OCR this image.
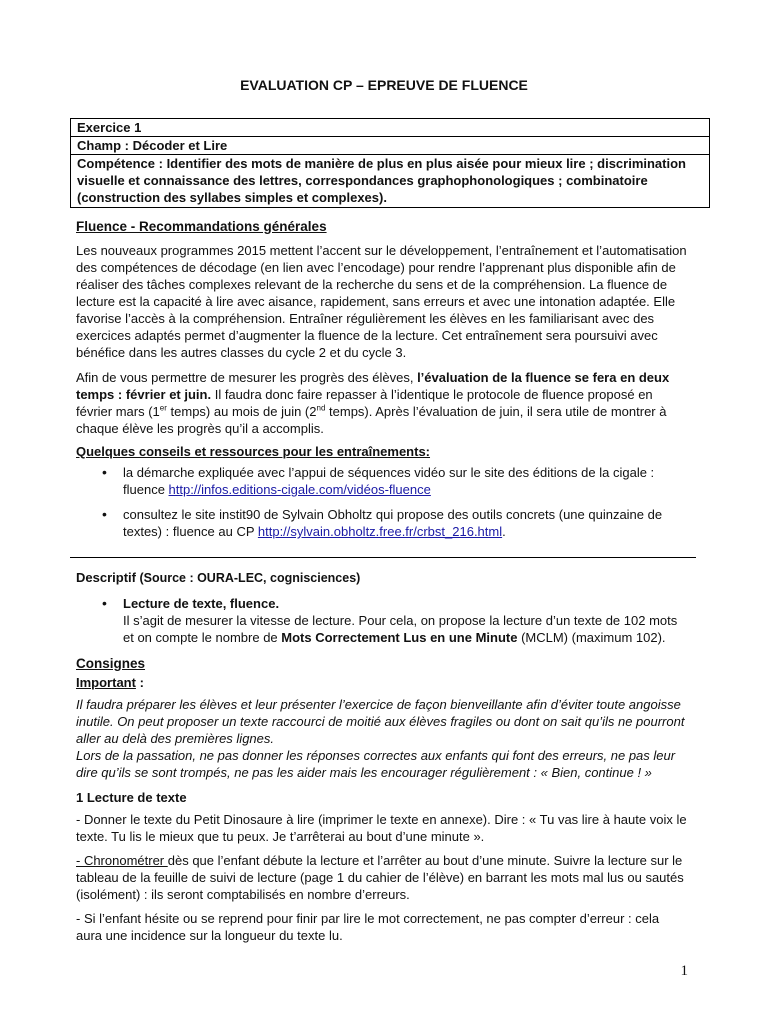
EVALUATION CP – EPREUVE DE FLUENCE
Exercice 1
Champ : Décoder et Lire
Compétence : Identifier des mots de manière de plus en plus aisée pour mieux lire ; discrimination visuelle et connaissance des lettres, correspondances graphophonologiques ; combinatoire (construction des syllabes simples et complexes).

Fluence - Recommandations générales

Les nouveaux programmes 2015 mettent l’accent sur le développement, l’entraînement et l’automatisation des compétences de décodage (en lien avec l’encodage) pour rendre l’apprenant plus disponible afin de réaliser des tâches complexes relevant de la recherche du sens et de la compréhension. La fluence de lecture est la capacité à lire avec aisance, rapidement, sans erreurs et avec une intonation adaptée. Elle favorise l’accès à la compréhension. Entraîner régulièrement les élèves en les familiarisant avec des exercices adaptés permet d’augmenter la fluence de la lecture. Cet entraînement sera poursuivi avec bénéfice dans les autres classes du cycle 2 et du cycle 3.

Afin de vous permettre de mesurer les progrès des élèves, l’évaluation de la fluence se fera en deux temps : février et juin. Il faudra donc faire repasser à l’identique le protocole de fluence proposé en février mars (1er temps) au mois de juin (2nd temps). Après l’évaluation de juin, il sera utile de montrer à chaque élève les progrès qu’il a accomplis.

Quelques conseils et ressources pour les entraînements:

• la démarche expliquée avec l’appui de séquences vidéo sur le site des éditions de la cigale : fluence http://infos.editions-cigale.com/vidéos-fluence
• consultez le site instit90 de Sylvain Obholtz qui propose des outils concrets (une quinzaine de textes) : fluence au CP http://sylvain.obholtz.free.fr/crbst_216.html.

Descriptif (Source : OURA-LEC, cognisciences)

• Lecture de texte, fluence.
Il s’agit de mesurer la vitesse de lecture. Pour cela, on propose la lecture d’un texte de 102 mots et on compte le nombre de Mots Correctement Lus en une Minute (MCLM) (maximum 102).

Consignes

Important :

Il faudra préparer les élèves et leur présenter l’exercice de façon bienveillante afin d’éviter toute angoisse inutile. On peut proposer un texte raccourci de moitié aux élèves fragiles ou dont on sait qu’ils ne pourront aller au delà des premières lignes.

Lors de la passation, ne pas donner les réponses correctes aux enfants qui font des erreurs, ne pas leur dire qu’ils se sont trompés, ne pas les aider mais les encourager régulièrement : « Bien, continue ! »

1 Lecture de texte

- Donner le texte du Petit Dinosaure à lire (imprimer le texte en annexe). Dire : « Tu vas lire à haute voix le texte. Tu lis le mieux que tu peux. Je t’arrêterai au bout d’une minute ».

- Chronométrer dès que l’enfant débute la lecture et l’arrêter au bout d’une minute. Suivre la lecture sur le tableau de la feuille de suivi de lecture (page 1 du cahier de l’élève) en barrant les mots mal lus ou sautés (isolément) : ils seront comptabilisés en nombre d’erreurs.

- Si l’enfant hésite ou se reprend pour finir par lire le mot correctement, ne pas compter d’erreur : cela aura une incidence sur la longueur du texte lu.

1
